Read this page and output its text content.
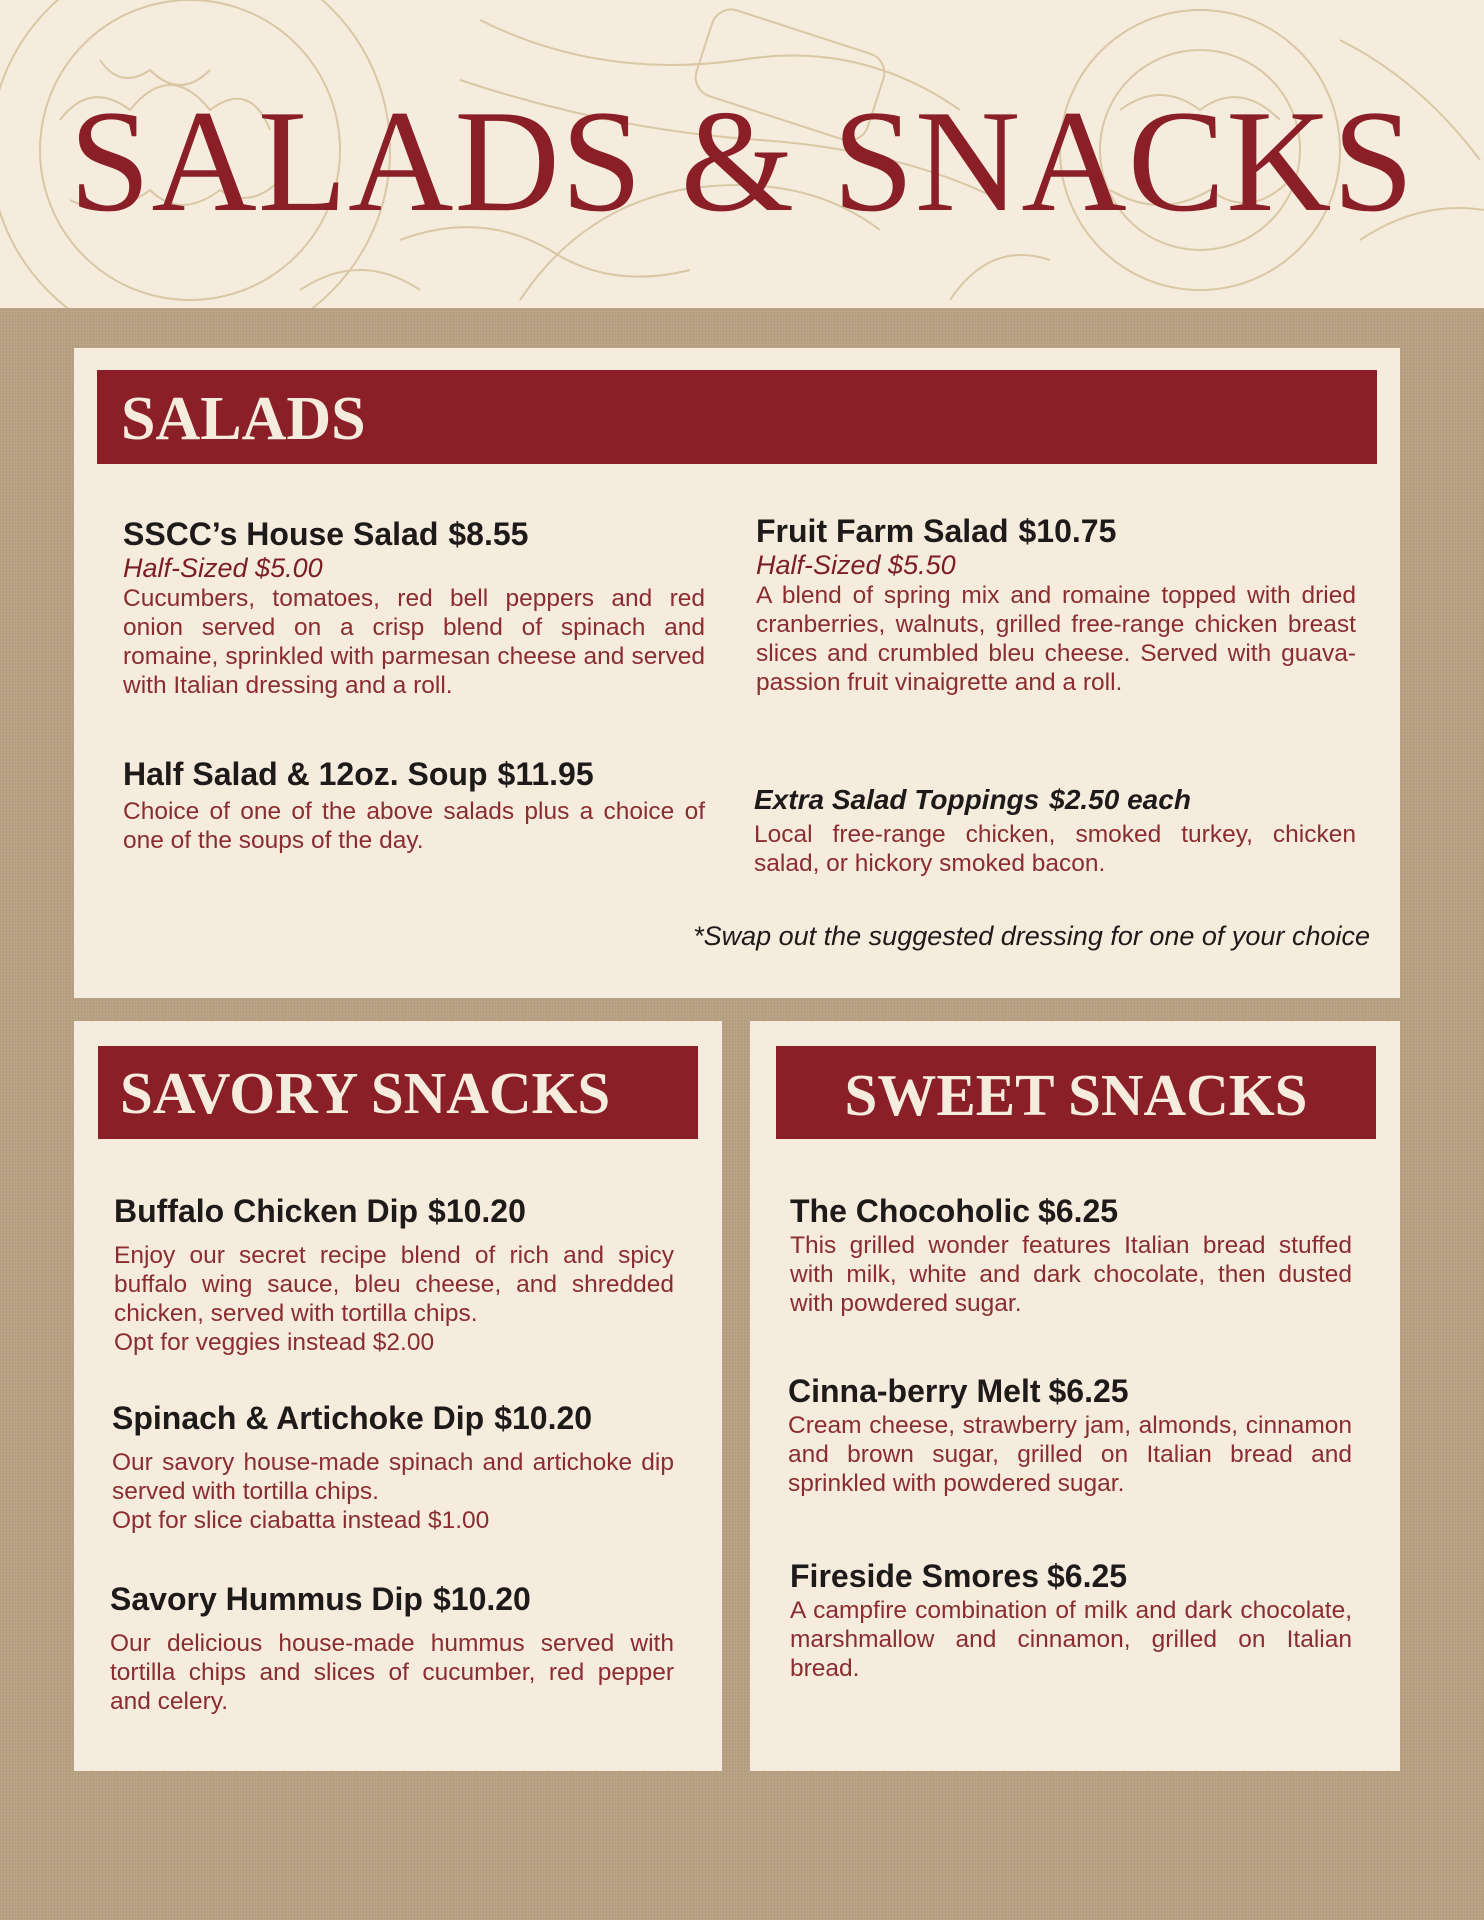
SALADS & SNACKS
SALADS
SSCC’s House Salad $8.55
Half-Sized $5.00
Cucumbers, tomatoes, red bell peppers and red onion served on a crisp blend of spinach and romaine, sprinkled with parmesan cheese and served with Italian dressing and a roll.
Fruit Farm Salad $10.75
Half-Sized $5.50
A blend of spring mix and romaine topped with dried cranberries, walnuts, grilled free-range chicken breast slices and crumbled bleu cheese. Served with guava-passion fruit vinaigrette and a roll.
Half Salad & 12oz. Soup $11.95
Choice of one of the above salads plus a choice of one of the soups of the day.
Extra Salad Toppings $2.50 each
Local free-range chicken, smoked turkey, chicken salad, or hickory smoked bacon.
*Swap out the suggested dressing for one of your choice
SAVORY SNACKS
Buffalo Chicken Dip $10.20
Enjoy our secret recipe blend of rich and spicy buffalo wing sauce, bleu cheese, and shredded chicken, served with tortilla chips.
Opt for veggies instead $2.00
Spinach & Artichoke Dip $10.20
Our savory house-made spinach and artichoke dip served with tortilla chips.
Opt for slice ciabatta instead $1.00
Savory Hummus Dip $10.20
Our delicious house-made hummus served with tortilla chips and slices of cucumber, red pepper and celery.
SWEET SNACKS
The Chocoholic $6.25
This grilled wonder features Italian bread stuffed with milk, white and dark chocolate, then dusted with powdered sugar.
Cinna-berry Melt $6.25
Cream cheese, strawberry jam, almonds, cinnamon and brown sugar, grilled on Italian bread and sprinkled with powdered sugar.
Fireside Smores $6.25
A campfire combination of milk and dark chocolate, marshmallow and cinnamon, grilled on Italian bread.
